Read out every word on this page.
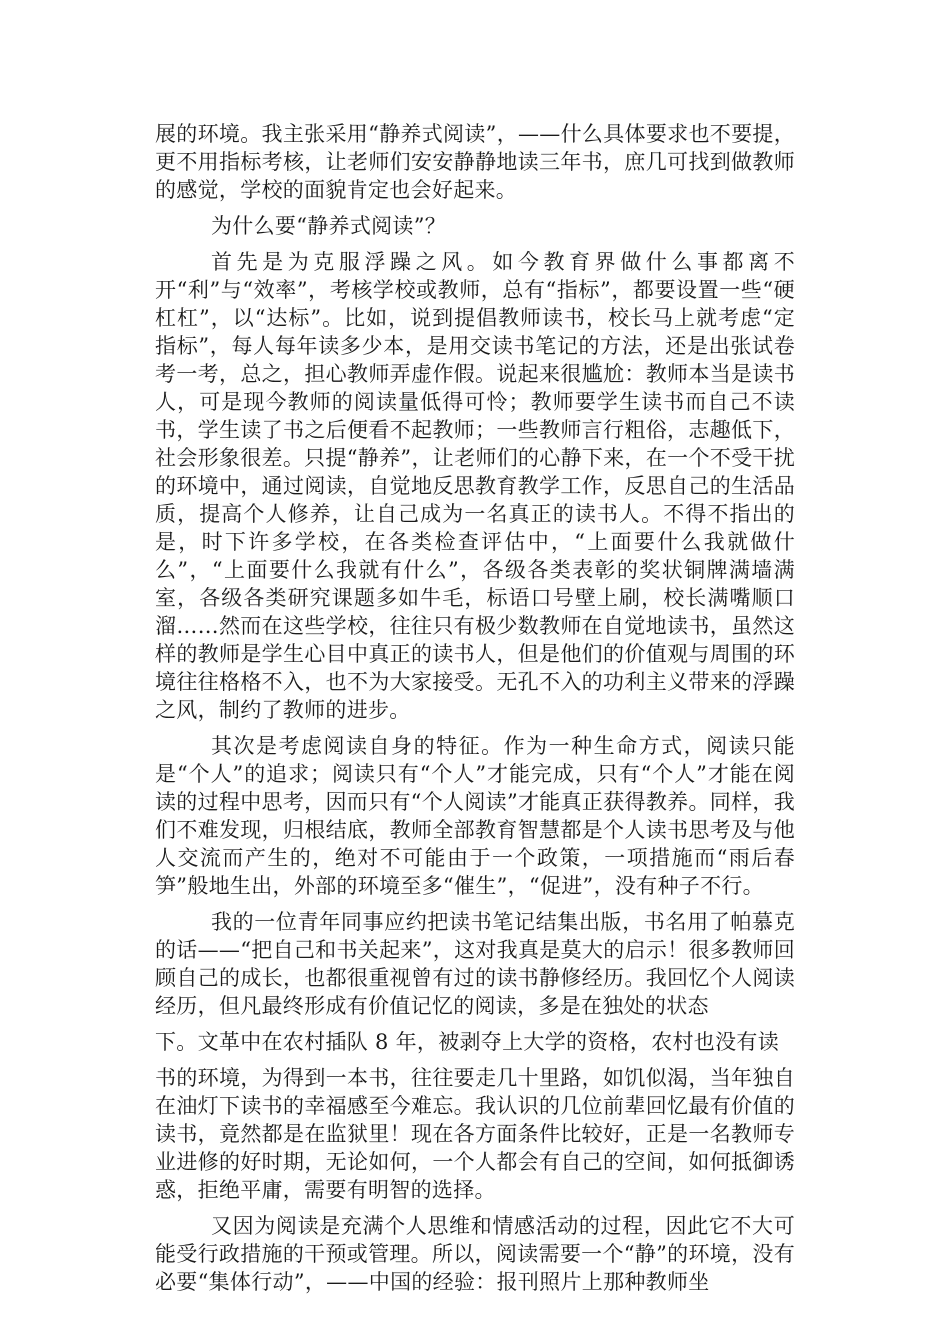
展的环境。我主张采用“静养式阅读”，——什么具体要求也不要提，更不用指标考核，让老师们安安静静地读三年书，庶几可找到做教师的感觉，学校的面貌肯定也会好起来。

为什么要“静养式阅读”？

首先是为克服浮躁之风。如今教育界做什么事都离不开“利”与“效率”，考核学校或教师，总有“指标”，都要设置一些“硬杠杠”，以“达标”。比如，说到提倡教师读书，校长马上就考虑“定指标”，每人每年读多少本，是用交读书笔记的方法，还是出张试卷考一考，总之，担心教师弄虚作假。说起来很尴尬：教师本当是读书人，可是现今教师的阅读量低得可怜；教师要学生读书而自己不读书，学生读了书之后便看不起教师；一些教师言行粗俗，志趣低下，社会形象很差。只提“静养”，让老师们的心静下来，在一个不受干扰的环境中，通过阅读，自觉地反思教育教学工作，反思自己的生活品质，提高个人修养，让自己成为一名真正的读书人。不得不指出的是，时下许多学校，在各类检查评估中，“上面要什么我就做什么”，“上面要什么我就有什么”，各级各类表彰的奖状铜牌满墙满室，各级各类研究课题多如牛毛，标语口号壁上刷，校长满嘴顺口溜……然而在这些学校，往往只有极少数教师在自觉地读书，虽然这样的教师是学生心目中真正的读书人，但是他们的价值观与周围的环境往往格格不入，也不为大家接受。无孔不入的功利主义带来的浮躁之风，制约了教师的进步。

其次是考虑阅读自身的特征。作为一种生命方式，阅读只能是“个人”的追求；阅读只有“个人”才能完成，只有“个人”才能在阅读的过程中思考，因而只有“个人阅读”才能真正获得教养。同样，我们不难发现，归根结底，教师全部教育智慧都是个人读书思考及与他人交流而产生的，绝对不可能由于一个政策，一项措施而“雨后春笋”般地生出，外部的环境至多“催生”，“促进”，没有种子不行。

我的一位青年同事应约把读书笔记结集出版，书名用了帕慕克的话——“把自己和书关起来”，这对我真是莫大的启示！很多教师回顾自己的成长，也都很重视曾有过的读书静修经历。我回忆个人阅读经历，但凡最终形成有价值记忆的阅读，多是在独处的状态

下。文革中在农村插队 8 年，被剥夺上大学的资格，农村也没有读

书的环境，为得到一本书，往往要走几十里路，如饥似渴，当年独自在油灯下读书的幸福感至今难忘。我认识的几位前辈回忆最有价值的读书，竟然都是在监狱里！现在各方面条件比较好，正是一名教师专业进修的好时期，无论如何，一个人都会有自己的空间，如何抵御诱惑，拒绝平庸，需要有明智的选择。

又因为阅读是充满个人思维和情感活动的过程，因此它不大可能受行政措施的干预或管理。所以，阅读需要一个“静”的环境，没有必要“集体行动”，——中国的经验：报刊照片上那种教师坐
